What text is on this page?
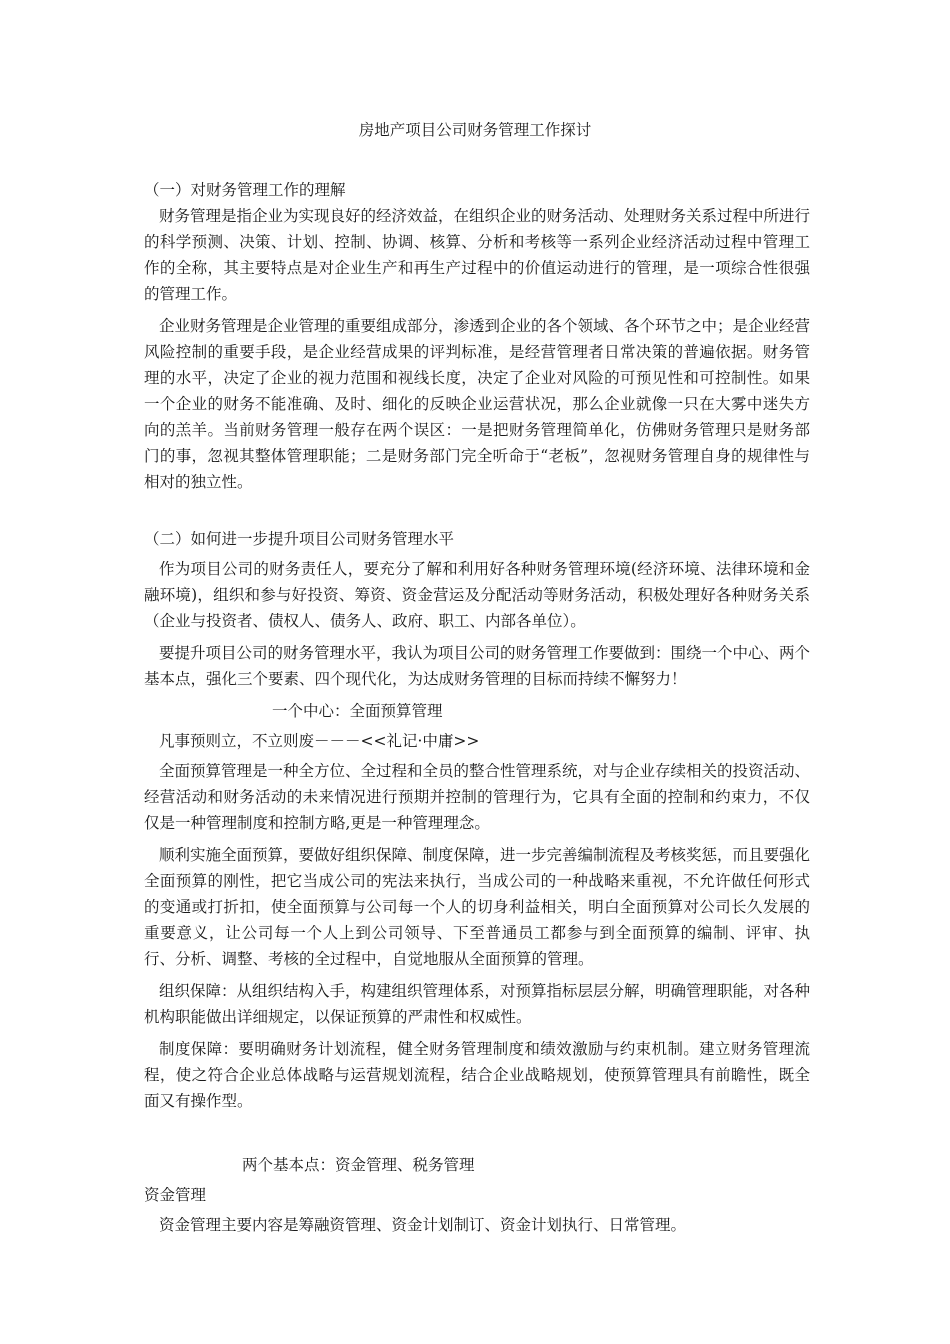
房地产项目公司财务管理工作探讨

（一）对财务管理工作的理解

财务管理是指企业为实现良好的经济效益，在组织企业的财务活动、处理财务关系过程中所进行的科学预测、决策、计划、控制、协调、核算、分析和考核等一系列企业经济活动过程中管理工作的全称，其主要特点是对企业生产和再生产过程中的价值运动进行的管理，是一项综合性很强的管理工作。

企业财务管理是企业管理的重要组成部分，渗透到企业的各个领域、各个环节之中；是企业经营风险控制的重要手段，是企业经营成果的评判标准，是经营管理者日常决策的普遍依据。财务管理的水平，决定了企业的视力范围和视线长度，决定了企业对风险的可预见性和可控制性。如果一个企业的财务不能准确、及时、细化的反映企业运营状况，那么企业就像一只在大雾中迷失方向的羔羊。当前财务管理一般存在两个误区：一是把财务管理简单化，仿佛财务管理只是财务部门的事，忽视其整体管理职能；二是财务部门完全听命于“老板”，忽视财务管理自身的规律性与相对的独立性。

（二）如何进一步提升项目公司财务管理水平

作为项目公司的财务责任人，要充分了解和利用好各种财务管理环境(经济环境、法律环境和金融环境)，组织和参与好投资、筹资、资金营运及分配活动等财务活动，积极处理好各种财务关系（企业与投资者、债权人、债务人、政府、职工、内部各单位）。

要提升项目公司的财务管理水平，我认为项目公司的财务管理工作要做到：围绕一个中心、两个基本点，强化三个要素、四个现代化，为达成财务管理的目标而持续不懈努力！

一个中心：全面预算管理

凡事预则立，不立则废－－－<<礼记·中庸>>

全面预算管理是一种全方位、全过程和全员的整合性管理系统，对与企业存续相关的投资活动、经营活动和财务活动的未来情况进行预期并控制的管理行为，它具有全面的控制和约束力，不仅仅是一种管理制度和控制方略,更是一种管理理念。

顺利实施全面预算，要做好组织保障、制度保障，进一步完善编制流程及考核奖惩，而且要强化全面预算的刚性，把它当成公司的宪法来执行，当成公司的一种战略来重视，不允许做任何形式的变通或打折扣，使全面预算与公司每一个人的切身利益相关，明白全面预算对公司长久发展的重要意义，让公司每一个人上到公司领导、下至普通员工都参与到全面预算的编制、评审、执行、分析、调整、考核的全过程中，自觉地服从全面预算的管理。

组织保障：从组织结构入手，构建组织管理体系，对预算指标层层分解，明确管理职能，对各种机构职能做出详细规定，以保证预算的严肃性和权威性。

制度保障：要明确财务计划流程，健全财务管理制度和绩效激励与约束机制。建立财务管理流程，使之符合企业总体战略与运营规划流程，结合企业战略规划，使预算管理具有前瞻性，既全面又有操作型。

两个基本点：资金管理、税务管理

资金管理

资金管理主要内容是筹融资管理、资金计划制订、资金计划执行、日常管理。
